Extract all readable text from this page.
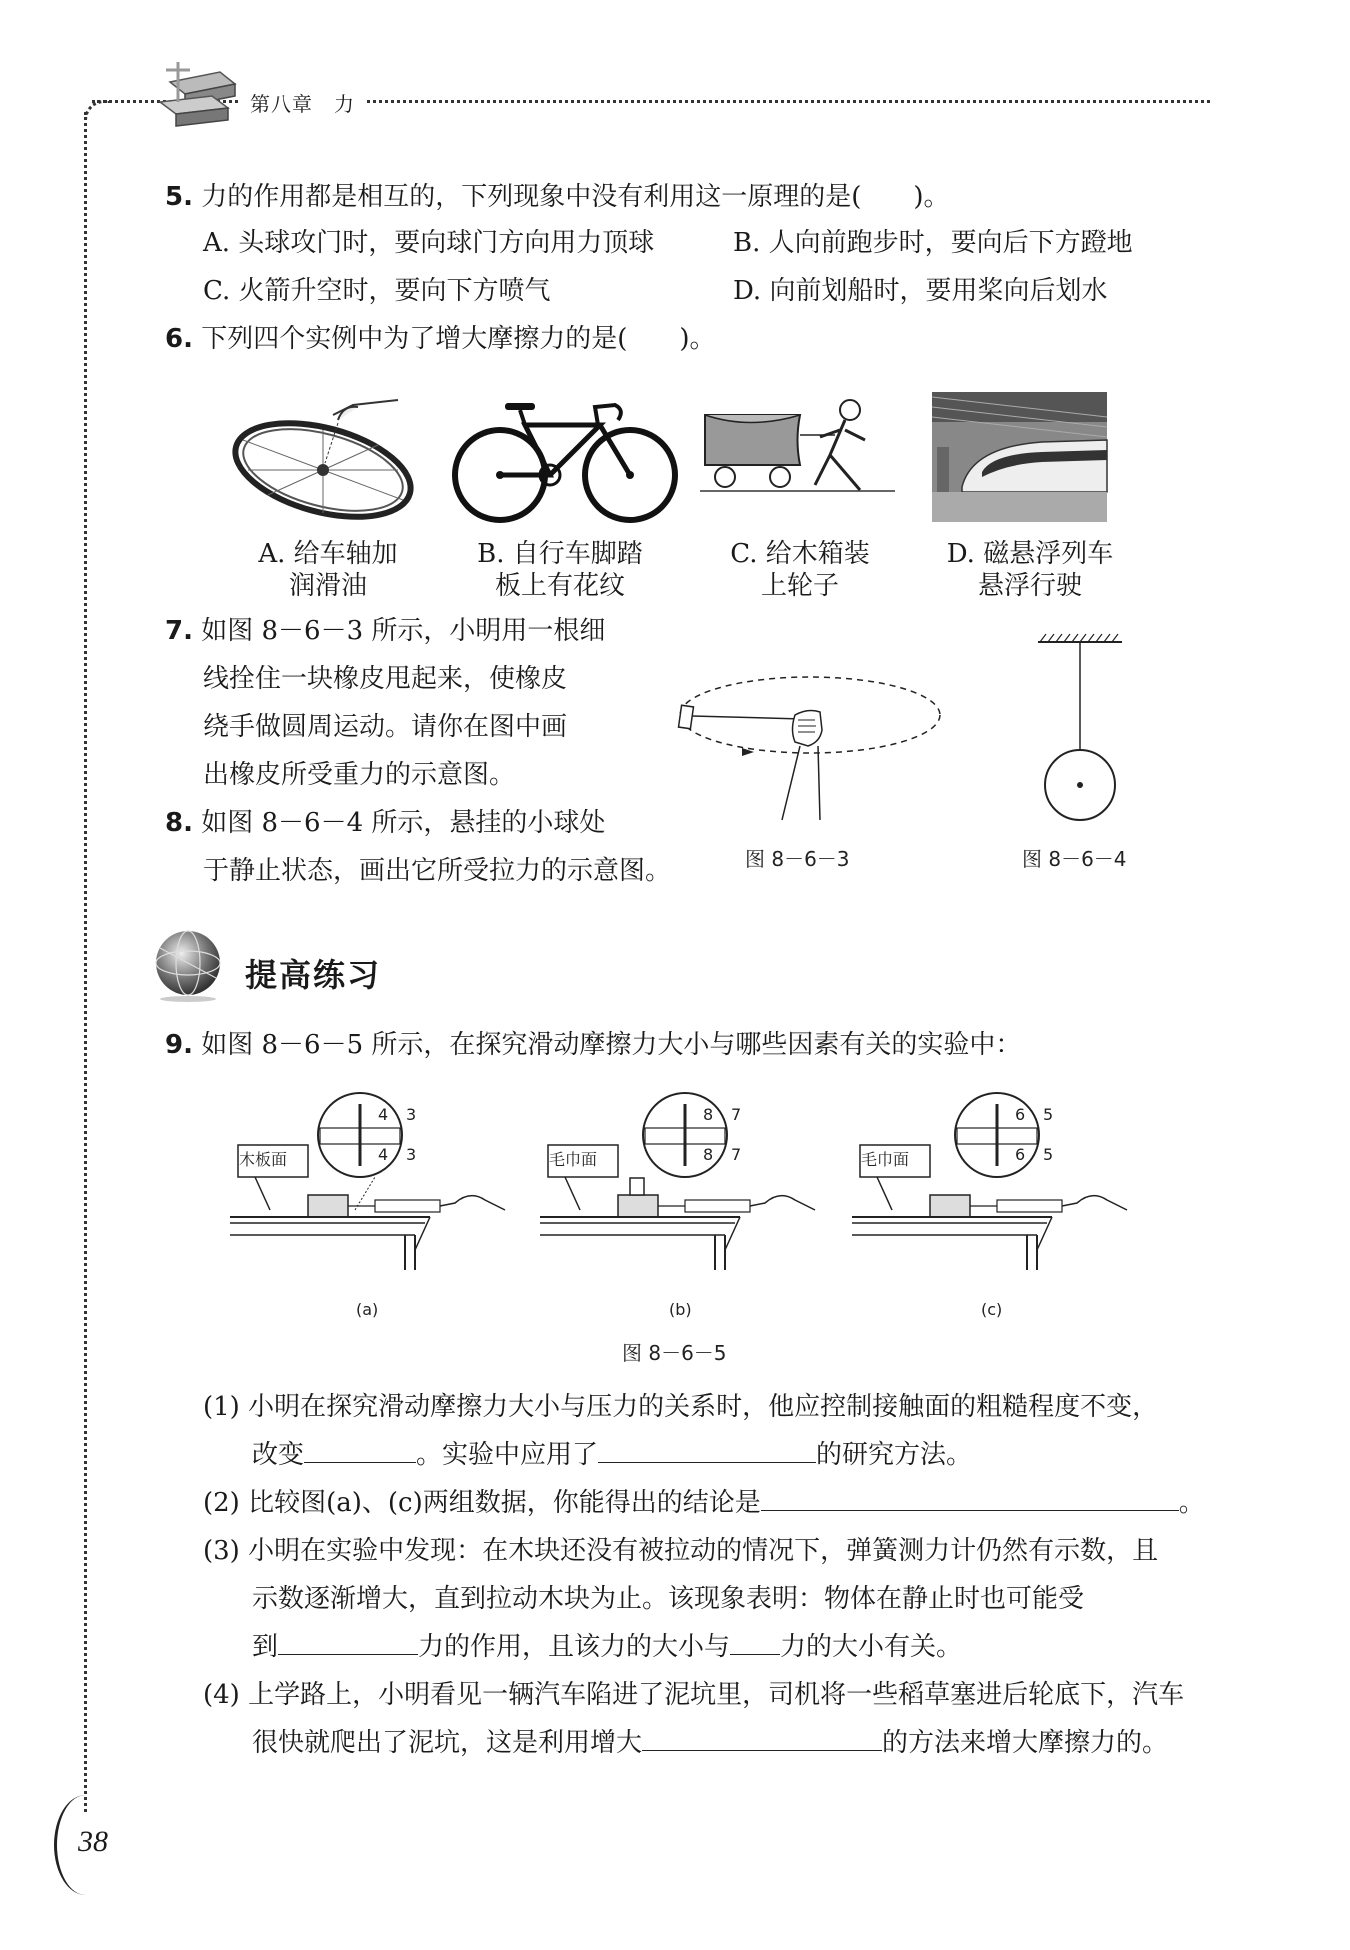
第八章　力
5. 力的作用都是相互的，下列现象中没有利用这一原理的是(　　)。
A. 头球攻门时，要向球门方向用力顶球	B. 人向前跑步时，要向后下方蹬地
C. 火箭升空时，要向下方喷气	D. 向前划船时，要用桨向后划水
6. 下列四个实例中为了增大摩擦力的是(　　)。
A. 给车轴加
润滑油
B. 自行车脚踏
板上有花纹
C. 给木箱装
上轮子
D. 磁悬浮列车
悬浮行驶
7. 如图 8－6－3 所示，小明用一根细
线拴住一块橡皮甩起来，使橡皮
绕手做圆周运动。请你在图中画
出橡皮所受重力的示意图。
8. 如图 8－6－4 所示，悬挂的小球处
于静止状态，画出它所受拉力的示意图。	图 8－6－3	图 8－6－4
提高练习
9. 如图 8－6－5 所示，在探究滑动摩擦力大小与哪些因素有关的实验中：
木板面
3
4
4 3
(a)
毛巾面
7
8
8 7
(b)
毛巾面
5
6
6 5
(c)
图 8－6－5
(1) 小明在探究滑动摩擦力大小与压力的关系时，他应控制接触面的粗糙程度不变，
改变	。实验中应用了	的研究方法。
(2) 比较图(a)、(c)两组数据，你能得出的结论是	。
(3) 小明在实验中发现：在木块还没有被拉动的情况下，弹簧测力计仍然有示数，且
示数逐渐增大，直到拉动木块为止。该现象表明：物体在静止时也可能受
到	力的作用，且该力的大小与 力的大小有关。
(4) 上学路上，小明看见一辆汽车陷进了泥坑里，司机将一些稻草塞进后轮底下，汽车
很快就爬出了泥坑，这是利用增大	的方法来增大摩擦力的。
38
